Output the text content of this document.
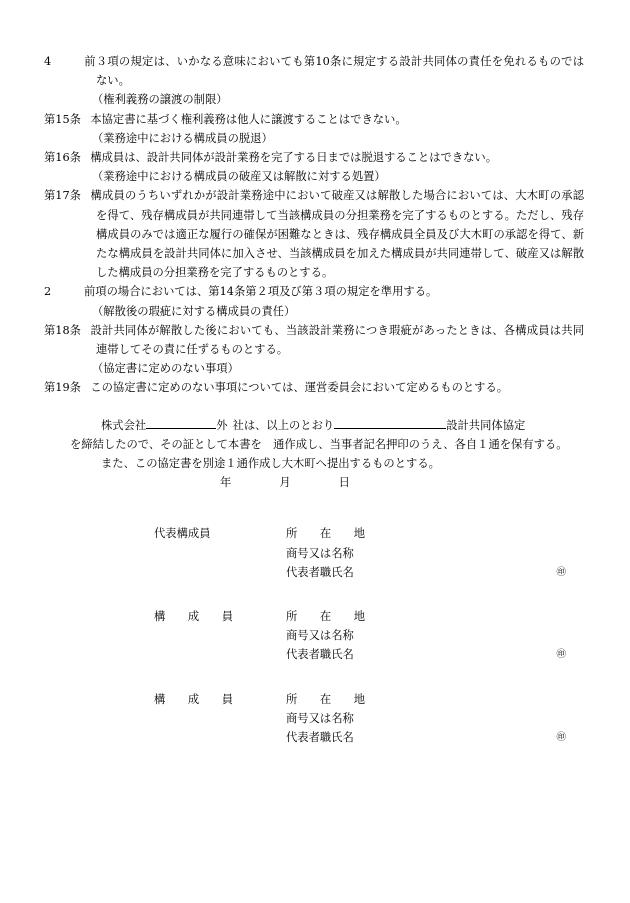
4	前３項の規定は、いかなる意味においても第10条に規定する設計共同体の責任を免れるものではない。

（権利義務の譲渡の制限）

第15条 本協定書に基づく権利義務は他人に譲渡することはできない。

（業務途中における構成員の脱退）

第16条 構成員は、設計共同体が設計業務を完了する日までは脱退することはできない。

（業務途中における構成員の破産又は解散に対する処置）

第17条 構成員のうちいずれかが設計業務途中において破産又は解散した場合においては、大木町の承認を得て、残存構成員が共同連帯して当該構成員の分担業務を完了するものとする。ただし、残存構成員のみでは適正な履行の確保が困難なときは、残存構成員全員及び大木町の承認を得て、新たな構成員を設計共同体に加入させ、当該構成員を加えた構成員が共同連帯して、破産又は解散した構成員の分担業務を完了するものとする。

2	前項の場合においては、第14条第２項及び第３項の規定を準用する。

（解散後の瑕疵に対する構成員の責任）

第18条 設計共同体が解散した後においても、当該設計業務につき瑕疵があったときは、各構成員は共同連帯してその責に任ずるものとする。

（協定書に定めのない事項）

第19条 この協定書に定めのない事項については、運営委員会において定めるものとする。

株式会社	外 社は、以上のとおり	設計共同体協定

を締結したので、その証として本書を　通作成し、当事者記名押印のうえ、各自１通を保有する。

また、この協定書を別途１通作成し大木町へ提出するものとする。

年	月	日

代表構成員	所　　在　　地
商号又は名称
代表者職氏名	㊞
構　　成　　員	所　　在　　地
商号又は名称
代表者職氏名	㊞
構　　成　　員	所　　在　　地
商号又は名称
代表者職氏名	㊞
